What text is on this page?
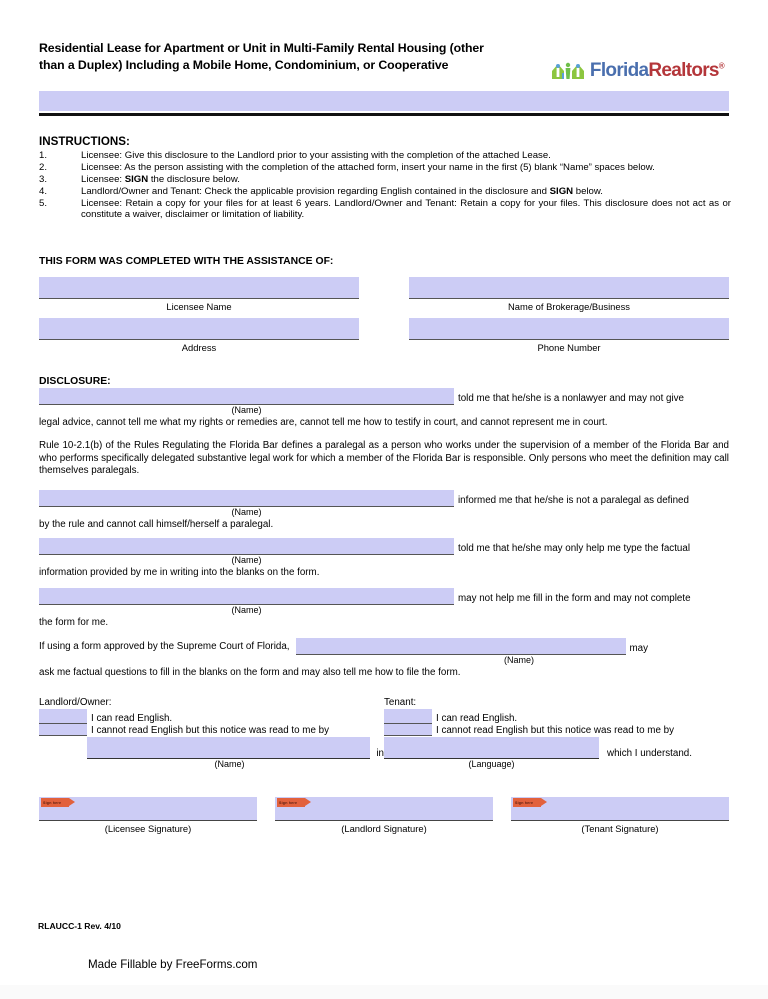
Residential Lease for Apartment or Unit in Multi-Family Rental Housing (other than a Duplex) Including a Mobile Home, Condominium, or Cooperative	FloridaRealtors®
INSTRUCTIONS:
1.	Licensee: Give this disclosure to the Landlord prior to your assisting with the completion of the attached Lease.
2.	Licensee: As the person assisting with the completion of the attached form, insert your name in the first (5) blank “Name” spaces below.
3.	Licensee: SIGN the disclosure below.
4.	Landlord/Owner and Tenant: Check the applicable provision regarding English contained in the disclosure and SIGN below.
5.	Licensee: Retain a copy for your files for at least 6 years. Landlord/Owner and Tenant: Retain a copy for your files. This disclosure does not act as or constitute a waiver, disclaimer or limitation of liability.
THIS FORM WAS COMPLETED WITH THE ASSISTANCE OF:
Licensee Name	Name of Brokerage/Business
Address	Phone Number
DISCLOSURE:
told me that he/she is a nonlawyer and may not give
(Name)
legal advice, cannot tell me what my rights or remedies are, cannot tell me how to testify in court, and cannot represent me in court.
Rule 10-2.1(b) of the Rules Regulating the Florida Bar defines a paralegal as a person who works under the supervision of a member of the Florida Bar and who performs specifically delegated substantive legal work for which a member of the Florida Bar is responsible. Only persons who meet the definition may call themselves paralegals.
informed me that he/she is not a paralegal as defined
(Name)
by the rule and cannot call himself/herself a paralegal.
told me that he/she may only help me type the factual
(Name)
information provided by me in writing into the blanks on the form.
may not help me fill in the form and may not complete
(Name)
the form for me.
If using a form approved by the Supreme Court of Florida,	may
(Name)
ask me factual questions to fill in the blanks on the form and may also tell me how to file the form.
Landlord/Owner:
I can read English.
I cannot read English but this notice was read to me by
in
(Name)
Tenant:
I can read English.
I cannot read English but this notice was read to me by
which I understand.
(Language)
Sign here
(Licensee Signature)
Sign here
(Landlord Signature)
Sign here
(Tenant Signature)
RLAUCC-1 Rev. 4/10
Made Fillable by FreeForms.com
